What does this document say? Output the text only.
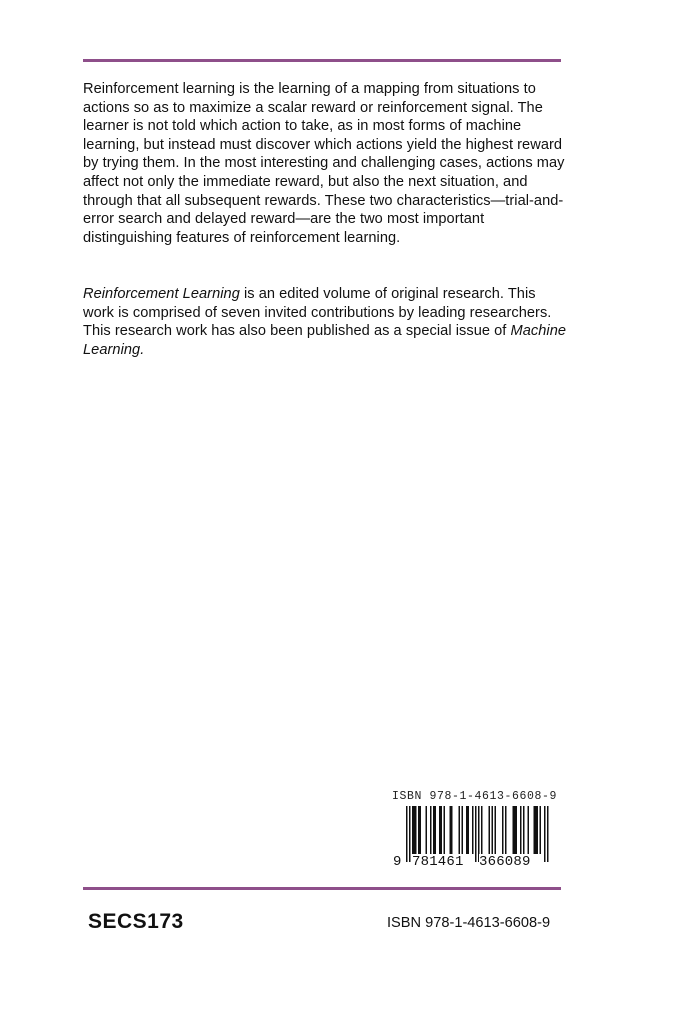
Reinforcement learning is the learning of a mapping from situations to actions so as to maximize a scalar reward or reinforcement signal. The learner is not told which action to take, as in most forms of machine learning, but instead must discover which actions yield the highest reward by trying them. In the most interesting and challenging cases, actions may affect not only the immediate reward, but also the next situation, and through that all subsequent rewards. These two characteristics—trial-and-error search and delayed reward—are the two most important distinguishing features of reinforcement learning.

Reinforcement Learning is an edited volume of original research. This work is comprised of seven invited contributions by leading researchers. This research work has also been published as a special issue of Machine Learning.

ISBN 978-1-4613-6608-9
9 781461 366089
SECS173	ISBN 978-1-4613-6608-9
